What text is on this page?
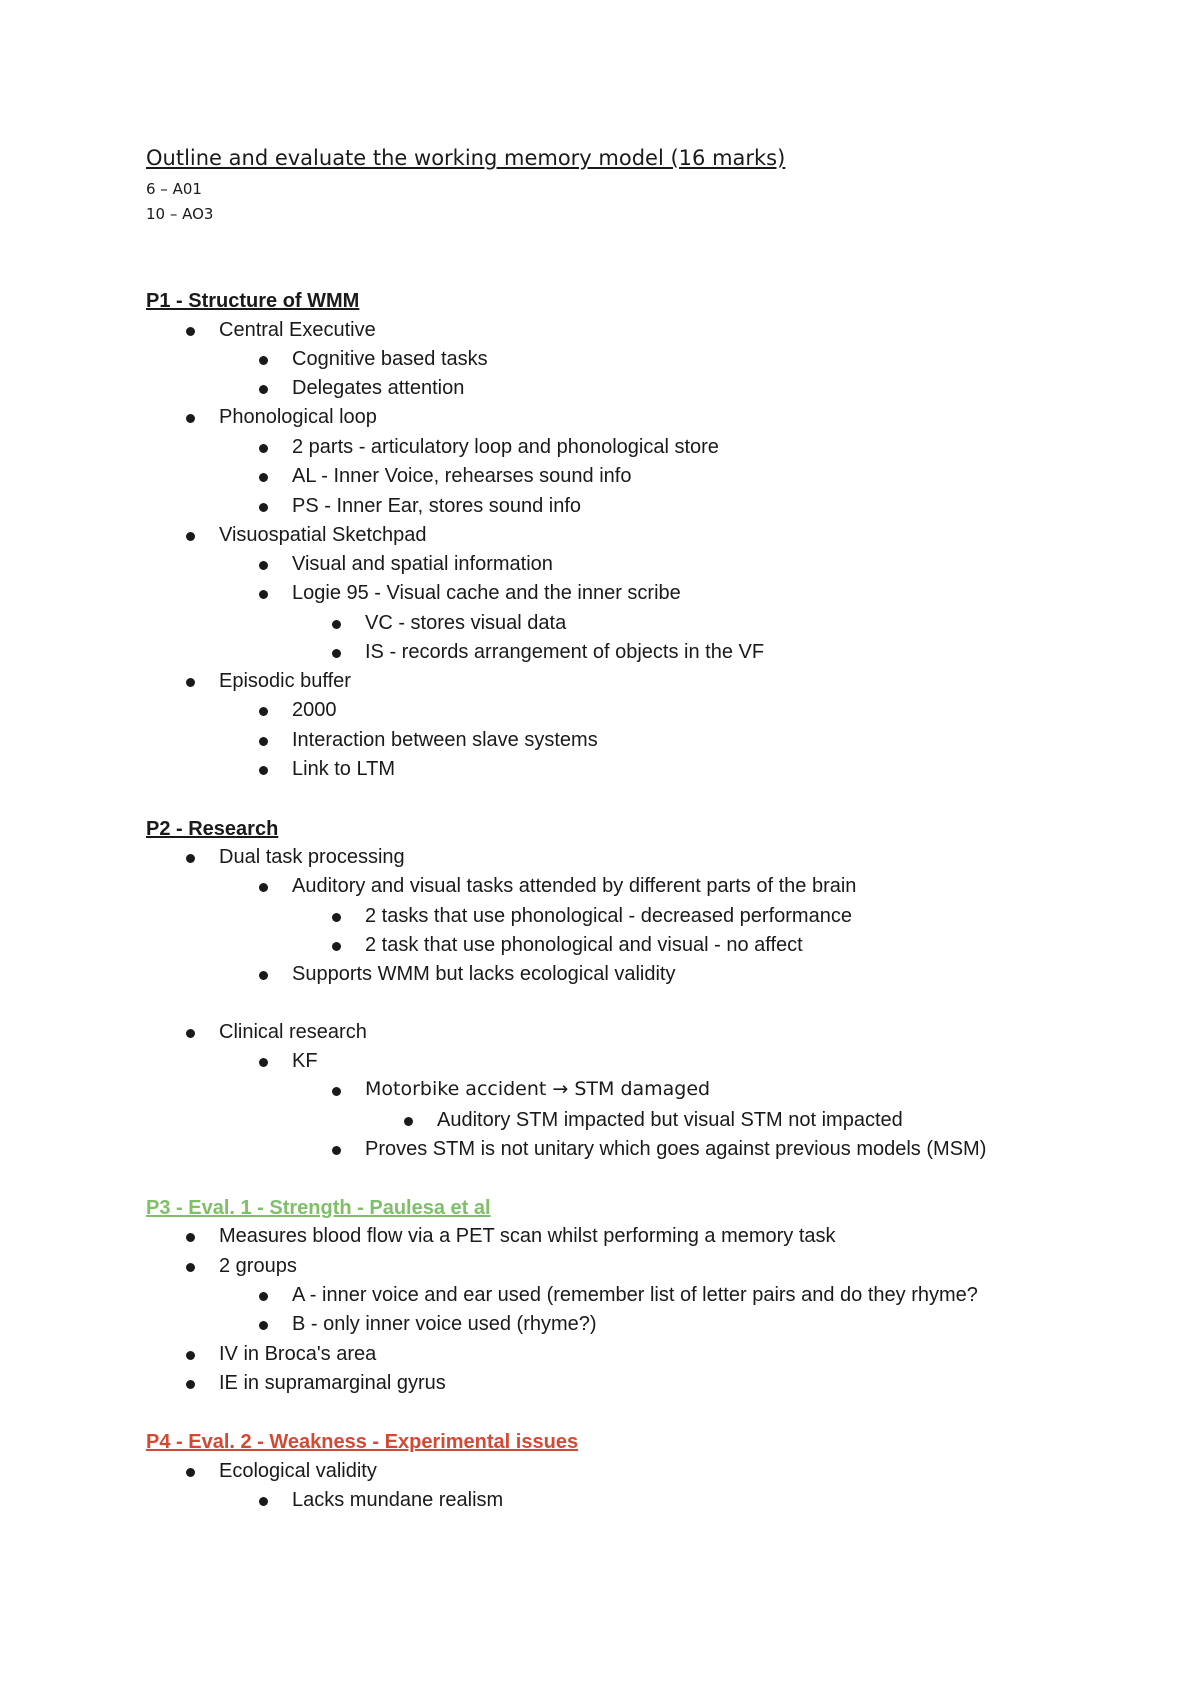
Outline and evaluate the working memory model (16 marks)
6 – A01
10 – AO3
P1 - Structure of WMM
Central Executive
Cognitive based tasks
Delegates attention
Phonological loop
2 parts - articulatory loop and phonological store
AL - Inner Voice, rehearses sound info
PS - Inner Ear, stores sound info
Visuospatial Sketchpad
Visual and spatial information
Logie 95 - Visual cache and the inner scribe
VC - stores visual data
IS - records arrangement of objects in the VF
Episodic buffer
2000
Interaction between slave systems
Link to LTM
P2 - Research
Dual task processing
Auditory and visual tasks attended by different parts of the brain
2 tasks that use phonological - decreased performance
2 task that use phonological and visual - no affect
Supports WMM but lacks ecological validity
Clinical research
KF
Motorbike accident → STM damaged
Auditory STM impacted but visual STM not impacted
Proves STM is not unitary which goes against previous models (MSM)
P3 - Eval. 1 - Strength - Paulesa et al
Measures blood flow via a PET scan whilst performing a memory task
2 groups
A - inner voice and ear used (remember list of letter pairs and do they rhyme?
B - only inner voice used (rhyme?)
IV in Broca's area
IE in supramarginal gyrus
P4 - Eval. 2 - Weakness - Experimental issues
Ecological validity
Lacks mundane realism
